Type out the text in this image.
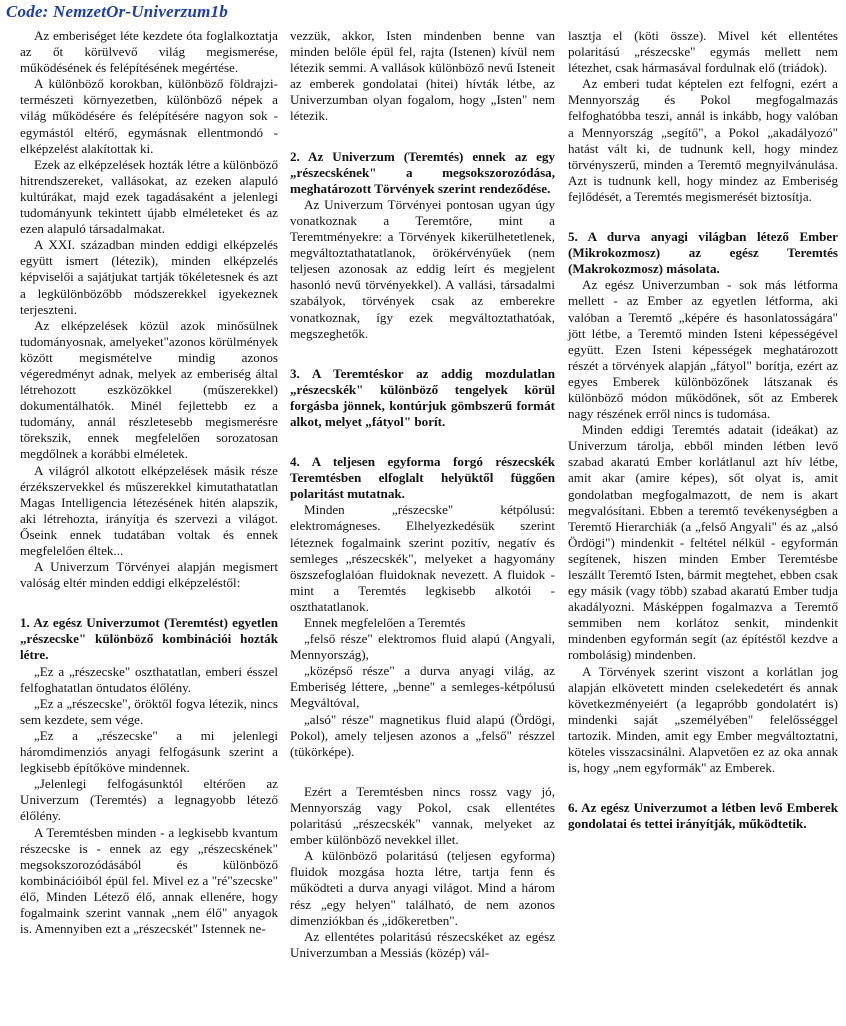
Code: NemzetOr-Univerzum1b

Az emberiséget léte kezdete óta foglalkoztatja az őt körülvevő világ megismerése, működésének és felépítésének megértése.

A különböző korokban, különböző földrajzi-természeti környezetben, különböző népek a világ működésére és felépítésére nagyon sok -egymástól eltérő, egymásnak ellentmondó - elképzelést alakítottak ki.

Ezek az elképzelések hozták létre a különböző hitrendszereket, vallásokat, az ezeken alapuló kultúrákat, majd ezek tagadásaként a jelenlegi tudományunk tekintett újabb elméleteket és az ezen alapuló társadalmakat.

A XXI. században minden eddigi elképzelés együtt ismert (létezik), minden elképzelés képviselői a sajátjukat tartják tökéletesnek és azt a legkülönbözőbb módszerekkel igyekeznek terjeszteni.

Az elképzelések közül azok minősülnek tudományosnak, amelyeket"azonos körülmények között megismételve mindig azonos végeredményt adnak, melyek az emberiség által létrehozott eszközökkel (műszerekkel) dokumentálhatók. Minél fejlettebb ez a tudomány, annál részletesebb megismerésre törekszik, ennek megfelelően sorozatosan megdőlnek a korábbi elméletek.

A világról alkotott elképzelések másik része érzékszervekkel és műszerekkel kimutathatatlan Magas Intelligencia létezésének hitén alapszik, aki létrehozta, irányítja és szervezi a világot. Őseink ennek tudatában voltak és ennek megfelelően éltek...

A Univerzum Törvényei alapján megismert valóság eltér minden eddigi elképzeléstől:

1. Az egész Univerzumot (Teremtést) egyetlen „részecske" különböző kombinációi hozták létre.

„Ez a „részecske" oszthatatlan, emberi ésszel felfoghatatlan öntudatos élőlény.

„Ez a „részecske", öröktől fogva létezik, nincs sem kezdete, sem vége.

„Ez a „részecske" a mi jelenlegi háromdimenziós anyagi felfogásunk szerint a legkisebb építőköve mindennek.

„Jelenlegi felfogásunktól eltérően az Univerzum (Teremtés) a legnagyobb létező élőlény.

A Teremtésben minden - a legkisebb kvantum részecske is - ennek az egy „részecskének" megsokszorozódásából és különböző kombinációiból épül fel. Mivel ez a "ré"szecske" élő, Minden Létező élő, annak ellenére, hogy fogalmaink szerint vannak „nem élő" anyagok is. Amennyiben ezt a „részecskét" Istennek ne-

vezzük, akkor, Isten mindenben benne van minden belőle épül fel, rajta (Istenen) kívül nem létezik semmi. A vallások különböző nevű Isteneit az emberek gondolatai (hitei) hívták létbe, az Univerzumban olyan fogalom, hogy „Isten" nem létezik.

2. Az Univerzum (Teremtés) ennek az egy „részecskének" a megsokszorozódása, meghatározott Törvények szerint rendeződése.

Az Univerzum Törvényei pontosan ugyan úgy vonatkoznak a Teremtőre, mint a Teremtményekre: a Törvények kikerülhetetlenek, megváltoztathatatlanok, örökérvényűek (nem teljesen azonosak az eddig leírt és megjelent hasonló nevű törvényekkel). A vallási, társadalmi szabályok, törvények csak az emberekre vonatkoznak, így ezek megváltoztathatóak, megszeghetők.

3. A Teremtéskor az addig mozdulatlan „részecskék" különböző tengelyek körül forgásba jönnek, kontúrjuk gömbszerű formát alkot, melyet „fátyol" borít.
4. A teljesen egyforma forgó részecskék Teremtésben elfoglalt helyüktől függően polaritást mutatnak.

Minden „részecske" kétpólusú: elektromágneses. Elhelyezkedésük szerint léteznek fogalmaink szerint pozitív, negatív és semleges „részecskék", melyeket a hagyomány öszszefoglalóan fluidoknak nevezett. A fluidok - mint a Teremtés legkisebb alkotói - oszthatatlanok.

Ennek megfelelően a Teremtés

„felső része" elektromos fluid alapú (Angyali, Mennyország),

„középső része" a durva anyagi világ, az Emberiség léttere, „benne" a semleges-kétpólusú Megváltóval,

„alsó" része" magnetikus fluid alapú (Ördögi, Pokol), amely teljesen azonos a „felső" részzel (tükörképe).

Ezért a Teremtésben nincs rossz vagy jó, Mennyország vagy Pokol, csak ellentétes polaritású „részecskék" vannak, melyeket az ember különböző nevekkel illet.

A különböző polaritású (teljesen egyforma) fluidok mozgása hozta létre, tartja fenn és működteti a durva anyagi világot. Mind a három rész „egy helyen" található, de nem azonos dimenziókban és „időkeretben".

Az ellentétes polaritású részecskéket az egész Univerzumban a Messiás (közép) vál-

lasztja el (köti össze). Mivel két ellentétes polaritású „részecske" egymás mellett nem létezhet, csak hármasával fordulnak elő (triádok).

Az emberi tudat képtelen ezt felfogni, ezért a Mennyország és Pokol megfogalmazás felfoghatóbba teszi, annál is inkább, hogy valóban a Mennyország „segítő", a Pokol „akadályozó" hatást vált ki, de tudnunk kell, hogy mindez törvényszerű, minden a Teremtő megnyilvánulása. Azt is tudnunk kell, hogy mindez az Emberiség fejlődését, a Teremtés megismerését biztosítja.

5. A durva anyagi világban létező Ember (Mikrokozmosz) az egész Teremtés (Makrokozmosz) másolata.

Az egész Univerzumban - sok más létforma mellett - az Ember az egyetlen létforma, aki valóban a Teremtő „képére és hasonlatosságára" jött létbe, a Teremtő minden Isteni képességével együtt. Ezen Isteni képességek meghatározott részét a törvények alapján „fátyol" borítja, ezért az egyes Emberek különbözőnek látszanak és különböző módon működőnek, sőt az Emberek nagy részének erről nincs is tudomása.

Minden eddigi Teremtés adatait (ideákat) az Univerzum tárolja, ebből minden létben levő szabad akaratú Ember korlátlanul azt hív létbe, amit akar (amire képes), sőt olyat is, amit gondolatban megfogalmazott, de nem is akart megvalósítani. Ebben a teremtő tevékenységben a Teremtő Hierarchiák (a „felső Angyali" és az „alsó Ördögi") mindenkit - feltétel nélkül - egyformán segítenek, hiszen minden Ember Teremtésbe leszállt Teremtő Isten, bármit megtehet, ebben csak egy másik (vagy több) szabad akaratú Ember tudja akadályozni. Másképpen fogalmazva a Teremtő semmiben nem korlátoz senkit, mindenkit mindenben egyformán segít (az építéstől kezdve a rombolásig) mindenben.

A Törvények szerint viszont a korlátlan jog alapján elkövetett minden cselekedetért és annak következményeiért (a legapróbb gondolatért is) mindenki saját „személyében" felelősséggel tartozik. Minden, amit egy Ember megváltoztatni, köteles visszacsinálni. Alapvetően ez az oka annak is, hogy „nem egyformák" az Emberek.

6. Az egész Univerzumot a létben levő Emberek gondolatai és tettei irányítják, működtetik.
